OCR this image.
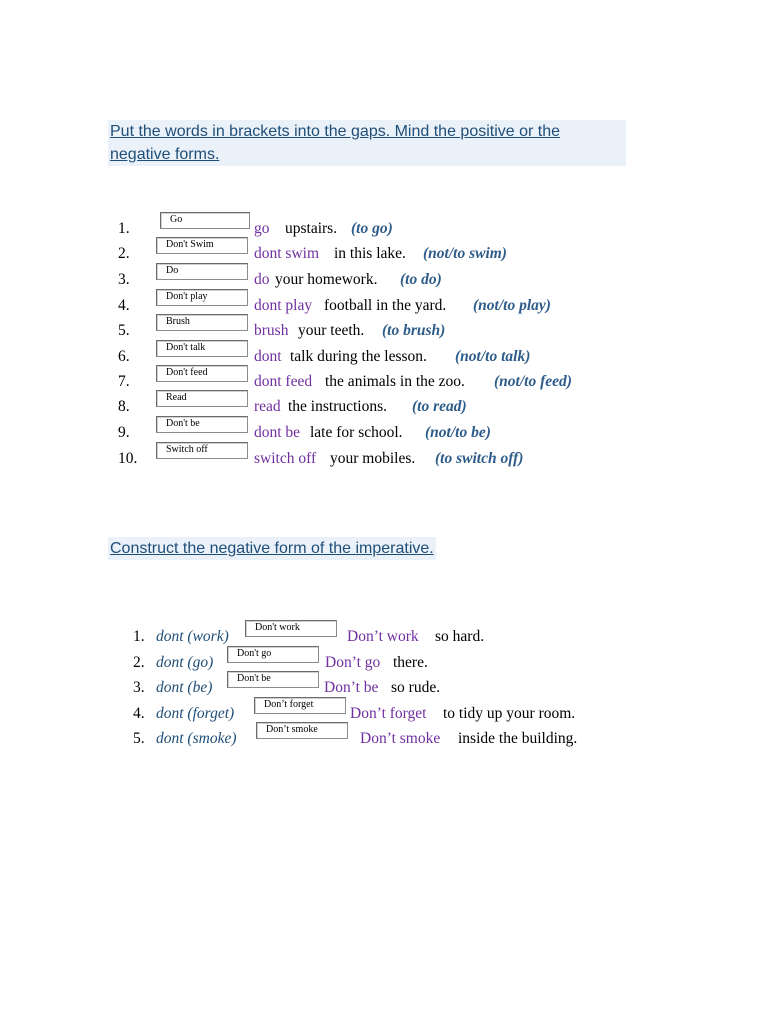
Put the words in brackets into the gaps. Mind the positive or the negative forms.
1.
Go
go upstairs. (to go)
2.
Don't Swim
dont swim in this lake. (not/to swim)
3.
Do
do your homework. (to do)
4.
Don't play
dont play football in the yard. (not/to play)
5.
Brush
brush your teeth. (to brush)
6.
Don't talk
dont talk during the lesson. (not/to talk)
7.
Don't feed
dont feed the animals in the zoo. (not/to feed)
8.
Read
read the instructions. (to read)
9.
Don't be
dont be late for school. (not/to be)
10.
Switch off
switch off your mobiles. (to switch off)
Construct the negative form of the imperative.
1. dont (work)
Don't work
Don’t work so hard.
2. dont (go)
Don't go
Don’t go there.
3. dont (be)
Don't be
Don’t be so rude.
4. dont (forget)
Don’t forget
Don’t forget to tidy up your room.
5. dont (smoke)
Don’t smoke
Don’t smoke inside the building.
